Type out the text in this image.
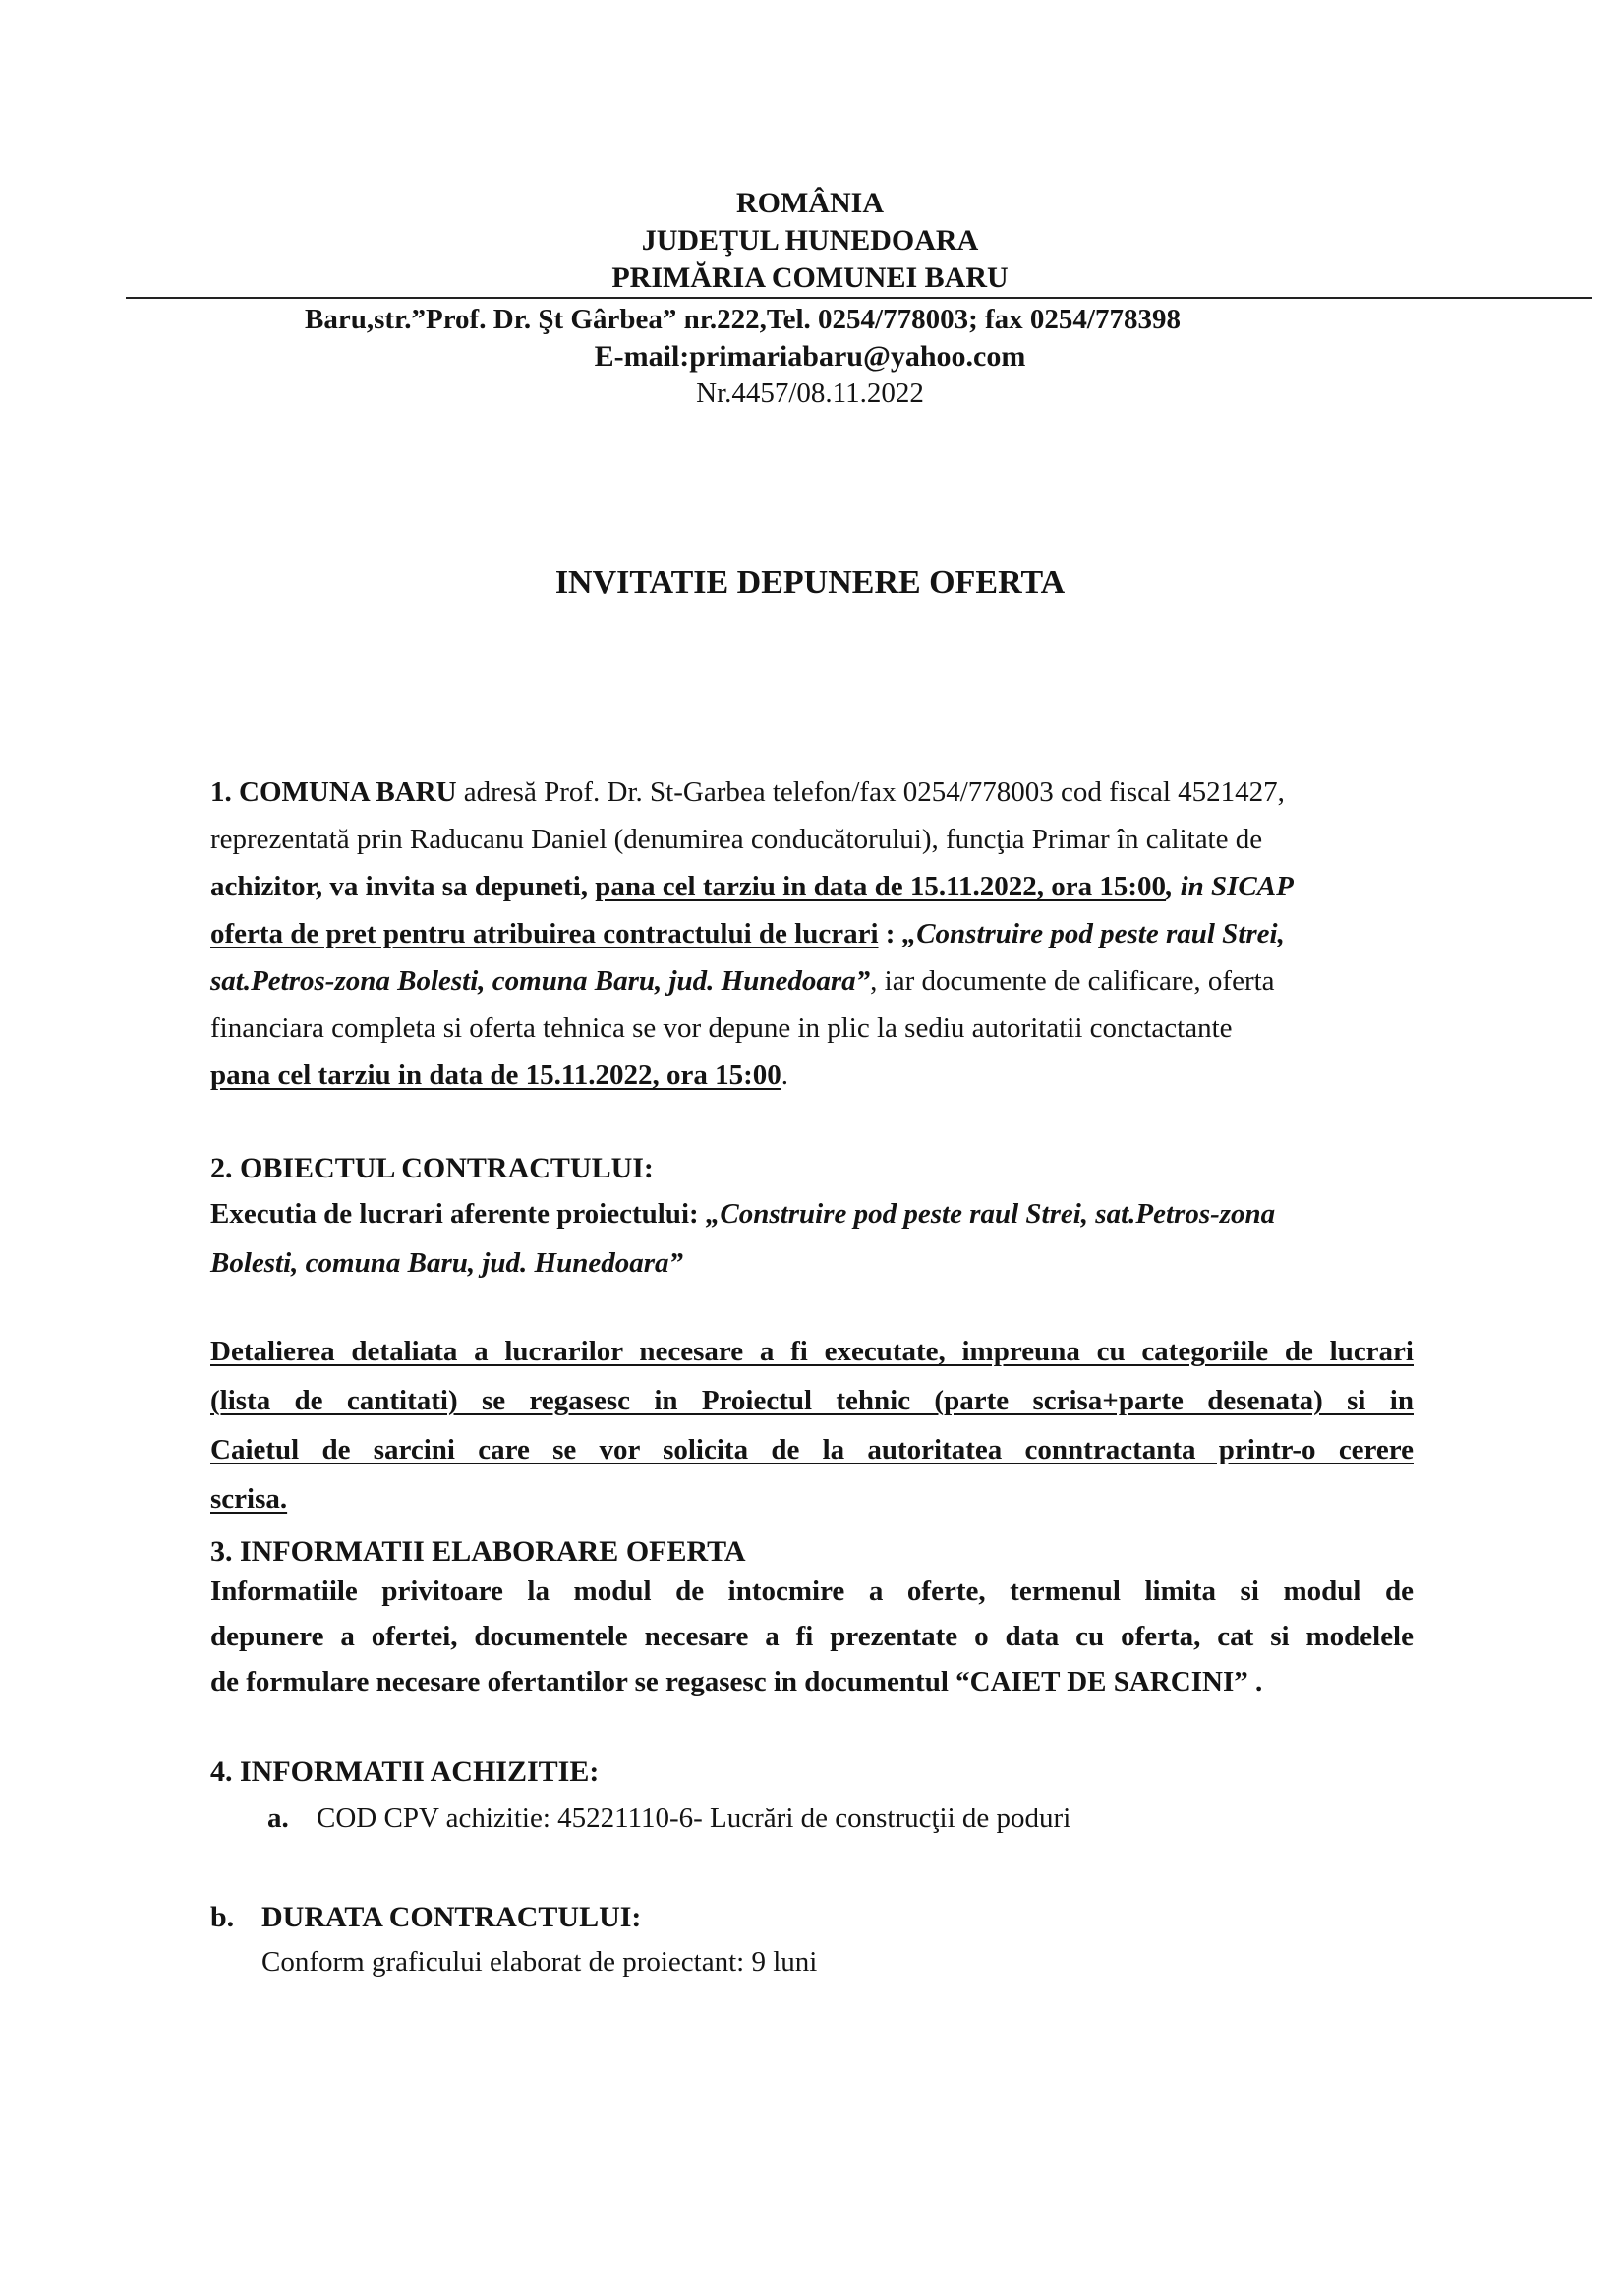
ROMÂNIA
JUDEŢUL HUNEDOARA
PRIMĂRIA COMUNEI BARU
Baru,str.”Prof. Dr. Şt Gârbea” nr.222,Tel. 0254/778003; fax 0254/778398
E-mail:primariabaru@yahoo.com
Nr.4457/08.11.2022
INVITATIE DEPUNERE OFERTA
1. COMUNA BARU adresă Prof. Dr. St-Garbea telefon/fax 0254/778003 cod fiscal 4521427,
reprezentată prin Raducanu Daniel (denumirea conducătorului), funcţia Primar în calitate de
achizitor, va invita sa depuneti, pana cel tarziu in data de 15.11.2022, ora 15:00, in SICAP
oferta de pret pentru atribuirea contractului de lucrari : „Construire pod peste raul Strei,
sat.Petros-zona Bolesti, comuna Baru, jud. Hunedoara”, iar documente de calificare, oferta
financiara completa si oferta tehnica se vor depune in plic la sediu autoritatii conctactante
pana cel tarziu in data de 15.11.2022, ora 15:00.
2. OBIECTUL CONTRACTULUI:
Executia de lucrari aferente proiectului: „Construire pod peste raul Strei, sat.Petros-zona
Bolesti, comuna Baru, jud. Hunedoara”
Detalierea detaliata a lucrarilor necesare a fi executate, impreuna cu categoriile de lucrari
(lista de cantitati) se regasesc in Proiectul tehnic (parte scrisa+parte desenata) si in
Caietul de sarcini care se vor solicita de la autoritatea conntractanta printr-o cerere
scrisa.
3. INFORMATII ELABORARE OFERTA
Informatiile privitoare la modul de intocmire a oferte, termenul limita si modul de
depunere a ofertei, documentele necesare a fi prezentate o data cu oferta, cat si modelele
de formulare necesare ofertantilor se regasesc in documentul “CAIET DE SARCINI” .
4. INFORMATII ACHIZITIE:
a. COD CPV achizitie: 45221110-6- Lucrări de construcţii de poduri
b. DURATA CONTRACTULUI:
Conform graficului elaborat de proiectant: 9 luni
